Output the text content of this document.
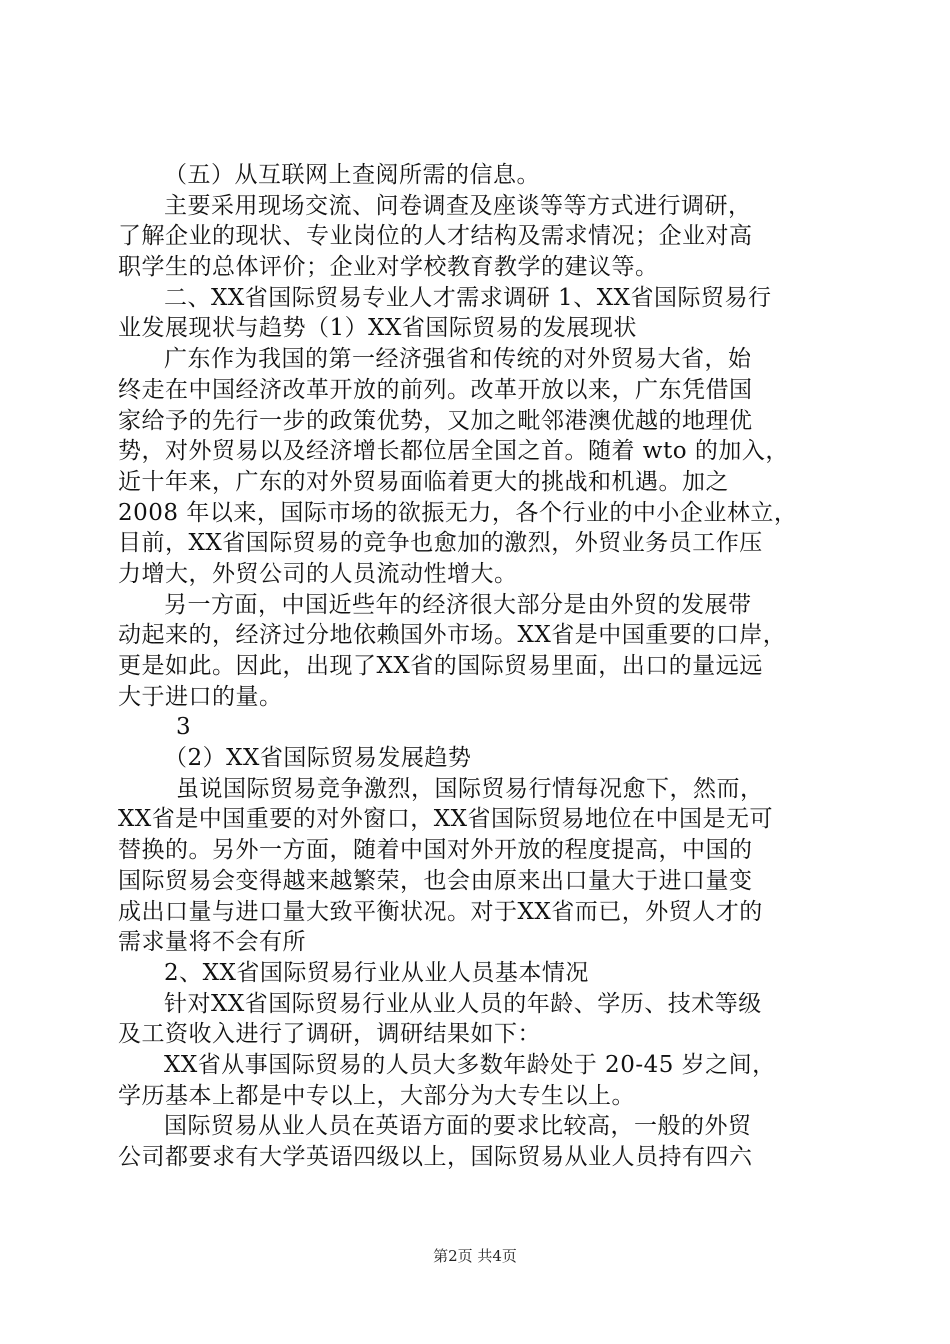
（五）从互联网上查阅所需的信息。
主要采用现场交流、问卷调查及座谈等等方式进行调研，
了解企业的现状、专业岗位的人才结构及需求情况；企业对高
职学生的总体评价；企业对学校教育教学的建议等。
二、XX省国际贸易专业人才需求调研 1、XX省国际贸易行
业发展现状与趋势（1）XX省国际贸易的发展现状
广东作为我国的第一经济强省和传统的对外贸易大省，始
终走在中国经济改革开放的前列。改革开放以来，广东凭借国
家给予的先行一步的政策优势，又加之毗邻港澳优越的地理优
势，对外贸易以及经济增长都位居全国之首。随着 wto 的加入，
近十年来，广东的对外贸易面临着更大的挑战和机遇。加之
2008 年以来，国际市场的欲振无力，各个行业的中小企业林立，
目前，XX省国际贸易的竞争也愈加的激烈，外贸业务员工作压
力增大，外贸公司的人员流动性增大。
另一方面，中国近些年的经济很大部分是由外贸的发展带
动起来的，经济过分地依赖国外市场。XX省是中国重要的口岸，
更是如此。因此，出现了XX省的国际贸易里面，出口的量远远
大于进口的量。
3
（2）XX省国际贸易发展趋势
虽说国际贸易竞争激烈，国际贸易行情每况愈下，然而，
XX省是中国重要的对外窗口，XX省国际贸易地位在中国是无可
替换的。另外一方面，随着中国对外开放的程度提高，中国的
国际贸易会变得越来越繁荣，也会由原来出口量大于进口量变
成出口量与进口量大致平衡状况。对于XX省而已，外贸人才的
需求量将不会有所
2、XX省国际贸易行业从业人员基本情况
针对XX省国际贸易行业从业人员的年龄、学历、技术等级
及工资收入进行了调研，调研结果如下：
XX省从事国际贸易的人员大多数年龄处于 20-45 岁之间，
学历基本上都是中专以上，大部分为大专生以上。
国际贸易从业人员在英语方面的要求比较高，一般的外贸
公司都要求有大学英语四级以上，国际贸易从业人员持有四六
第2页 共4页
